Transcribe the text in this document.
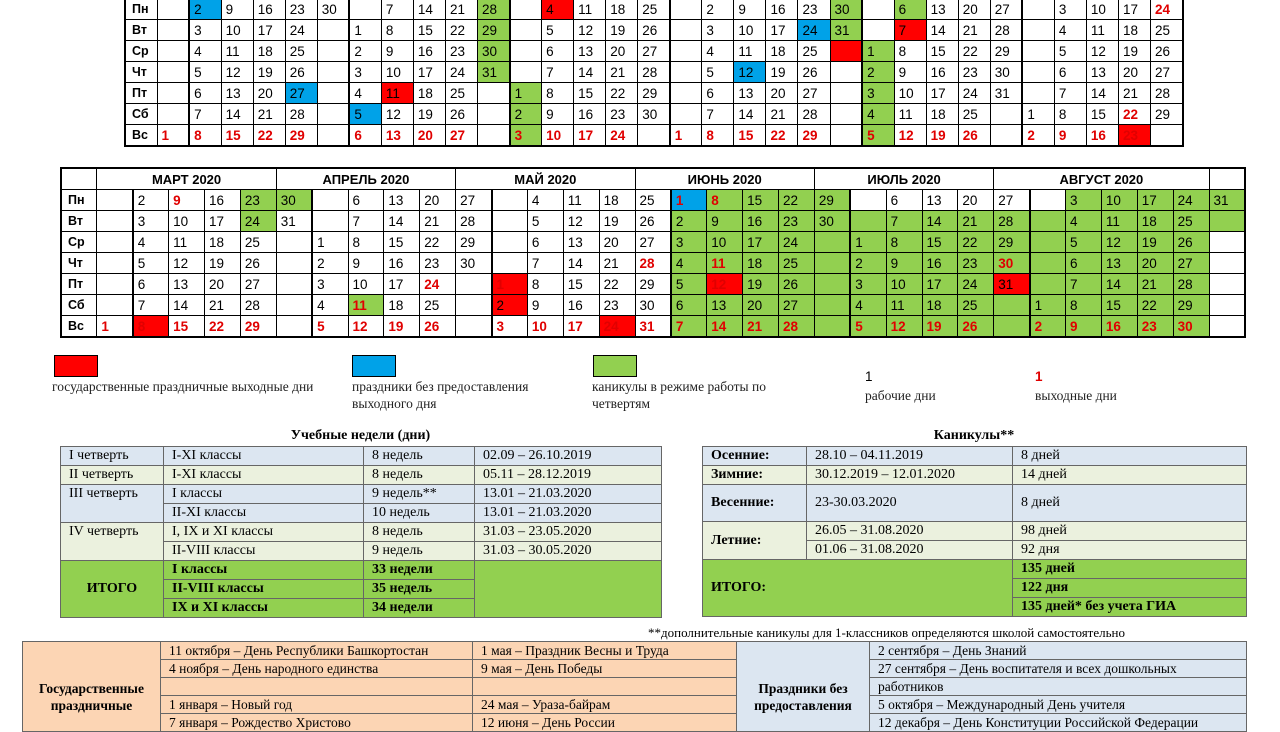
Пн		2	9	16	23	30		7	14	21	28		4	11	18	25		2	9	16	23	30		6	13	20	27		3	10	17	24
Вт		3	10	17	24		1	8	15	22	29		5	12	19	26		3	10	17	24	31		7	14	21	28		4	11	18	25
Ср		4	11	18	25		2	9	16	23	30		6	13	20	27		4	11	18	25		1	8	15	22	29		5	12	19	26
Чт		5	12	19	26		3	10	17	24	31		7	14	21	28		5	12	19	26		2	9	16	23	30		6	13	20	27
Пт		6	13	20	27		4	11	18	25		1	8	15	22	29		6	13	20	27		3	10	17	24	31		7	14	21	28
Сб		7	14	21	28		5	12	19	26		2	9	16	23	30		7	14	21	28		4	11	18	25		1	8	15	22	29
Вс	1	8	15	22	29		6	13	20	27		3	10	17	24		1	8	15	22	29		5	12	19	26		2	9	16	23	
	МАРТ 2020					АПРЕЛЬ 2020					МАЙ 2020					ИЮНЬ 2020					ИЮЛЬ 2020					АВГУСТ 2020						
Пн		2	9	16	23	30		6	13	20	27		4	11	18	25	1	8	15	22	29		6	13	20	27		3	10	17	24	31
Вт		3	10	17	24	31		7	14	21	28		5	12	19	26	2	9	16	23	30		7	14	21	28		4	11	18	25	
Ср		4	11	18	25		1	8	15	22	29		6	13	20	27	3	10	17	24		1	8	15	22	29		5	12	19	26	
Чт		5	12	19	26		2	9	16	23	30		7	14	21	28	4	11	18	25		2	9	16	23	30		6	13	20	27	
Пт		6	13	20	27		3	10	17	24		1	8	15	22	29	5	12	19	26		3	10	17	24	31		7	14	21	28	
Сб		7	14	21	28		4	11	18	25		2	9	16	23	30	6	13	20	27		4	11	18	25		1	8	15	22	29	
Вс	1	8	15	22	29		5	12	19	26		3	10	17	24	31	7	14	21	28		5	12	19	26		2	9	16	23	30	
государственные праздничные выходные дни	праздники без предоставления выходного дня
каникулы в режиме работы по четвертям
1
рабочие дни
1
выходные дни
Учебные недели (дни)
I четверть	I-XI классы	8 недель	02.09 – 26.10.2019
II четверть	I-XI классы	8 недель	05.11 – 28.12.2019
III четверть	I классы	9 недель**	13.01 – 21.03.2020
	II-XI классы	10 недель	13.01 – 21.03.2020
IV четверть	I, IX и XI классы	8 недель	31.03 – 23.05.2020
	II-VIII классы	9 недель	31.03 – 30.05.2020
ИТОГО	I классы	33 недели	
	II-VIII классы	35 недель	
	IX и XI классы	34 недели	
Каникулы**
Осенние:	28.10 – 04.11.2019	8 дней
Зимние:	30.12.2019 – 12.01.2020	14 дней
Весенние:	23-30.03.2020	8 дней
Летние:	26.05 – 31.08.2020	98 дней
	01.06 – 31.08.2020	92 дня
ИТОГО:		135 дней
		122 дня
		135 дней* без учета ГИА
**дополнительные каникулы для 1-классников определяются школой самостоятельно
Государственные праздничные	11 октября – День Республики Башкортостан	1 мая – Праздник Весны и Труда	Праздники без предоставления	2 сентября – День Знаний
	4 ноября – День народного единства	9 мая – День Победы		27 сентября – День воспитателя и всех дошкольных
				работников
	1 января – Новый год	24 мая – Ураза-байрам		5 октября – Международный День учителя
	7 января – Рождество Христово	12 июня – День России		12 декабря – День Конституции Российской Федерации
